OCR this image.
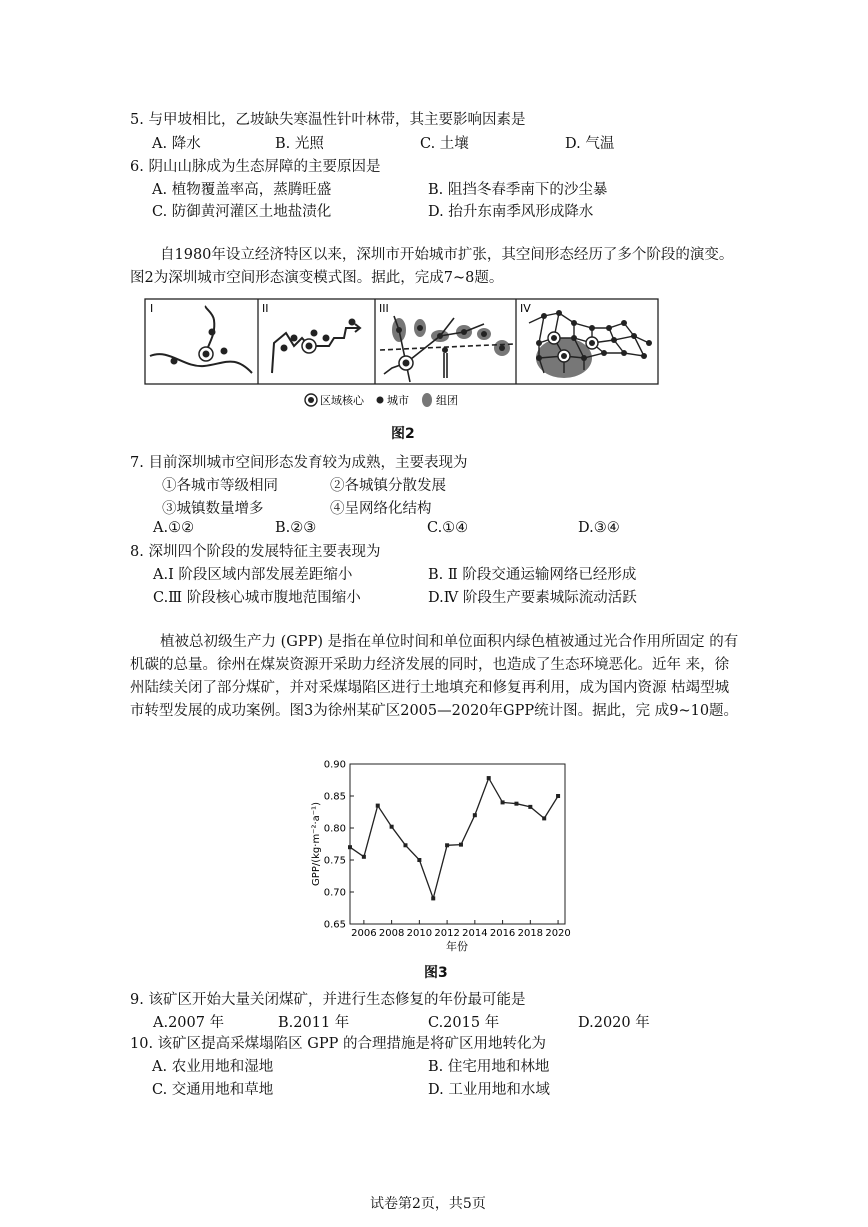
5. 与甲坡相比，乙坡缺失寒温性针叶林带，其主要影响因素是
A. 降水	B. 光照	C. 土壤	D. 气温
6. 阴山山脉成为生态屏障的主要原因是
A. 植物覆盖率高，蒸腾旺盛	B. 阻挡冬春季南下的沙尘暴
C. 防御黄河灌区土地盐渍化	D. 抬升东南季风形成降水
自1980年设立经济特区以来，深圳市开始城市扩张，其空间形态经历了多个阶段的演变。图2为深圳城市空间形态演变模式图。据此，完成7~8题。
I	II	III	IV
区域核心 城市 组团
图2
7. 目前深圳城市空间形态发育较为成熟，主要表现为
①各城市等级相同	②各城镇分散发展
③城镇数量增多	④呈网络化结构
A.①②	B.②③	C.①④	D.③④
8. 深圳四个阶段的发展特征主要表现为
A.Ⅰ 阶段区域内部发展差距缩小	B. Ⅱ 阶段交通运输网络已经形成
C.Ⅲ 阶段核心城市腹地范围缩小	D.Ⅳ 阶段生产要素城际流动活跃
植被总初级生产力 (GPP) 是指在单位时间和单位面积内绿色植被通过光合作用所固定 的有机碳的总量。徐州在煤炭资源开采助力经济发展的同时，也造成了生态环境恶化。近年 来，徐州陆续关闭了部分煤矿，并对采煤塌陷区进行土地填充和修复再利用，成为国内资源 枯竭型城市转型发展的成功案例。图3为徐州某矿区2005—2020年GPP统计图。据此，完 成9~10题。
0.65
0.70
0.75
0.80
0.85
0.90
2006 2008 2010 2012 2014 2016 2018 2020
年份
GPP/(kg·m⁻²·a⁻¹)
图3
9. 该矿区开始大量关闭煤矿，并进行生态修复的年份最可能是
A.2007 年	B.2011 年	C.2015 年	D.2020 年
10. 该矿区提高采煤塌陷区 GPP 的合理措施是将矿区用地转化为
A. 农业用地和湿地	B. 住宅用地和林地
C. 交通用地和草地	D. 工业用地和水域
试卷第2页，共5页
